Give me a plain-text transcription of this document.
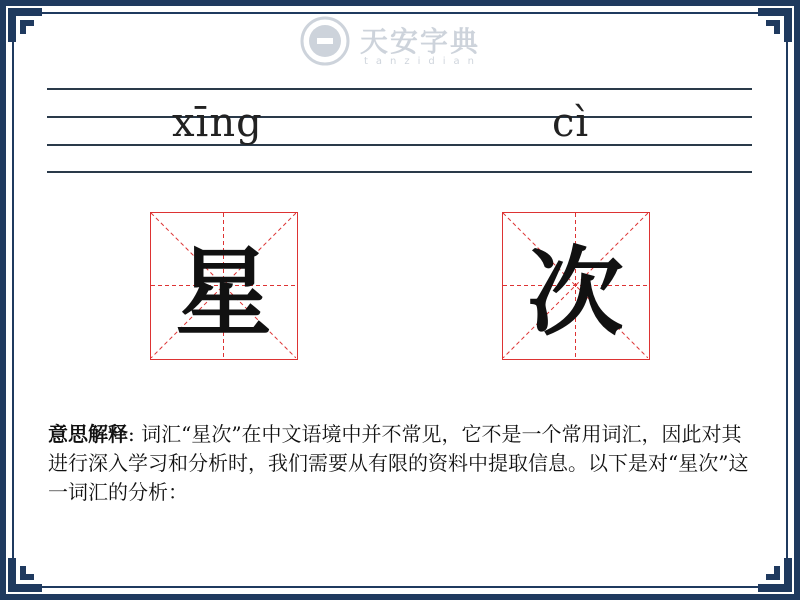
天安字典
tanzidian
xīng	cì
星	次
意思解释: 词汇“星次”在中文语境中并不常见，它不是一个常用词汇，因此对其进行深入学习和分析时，我们需要从有限的资料中提取信息。以下是对“星次”这一词汇的分析：
